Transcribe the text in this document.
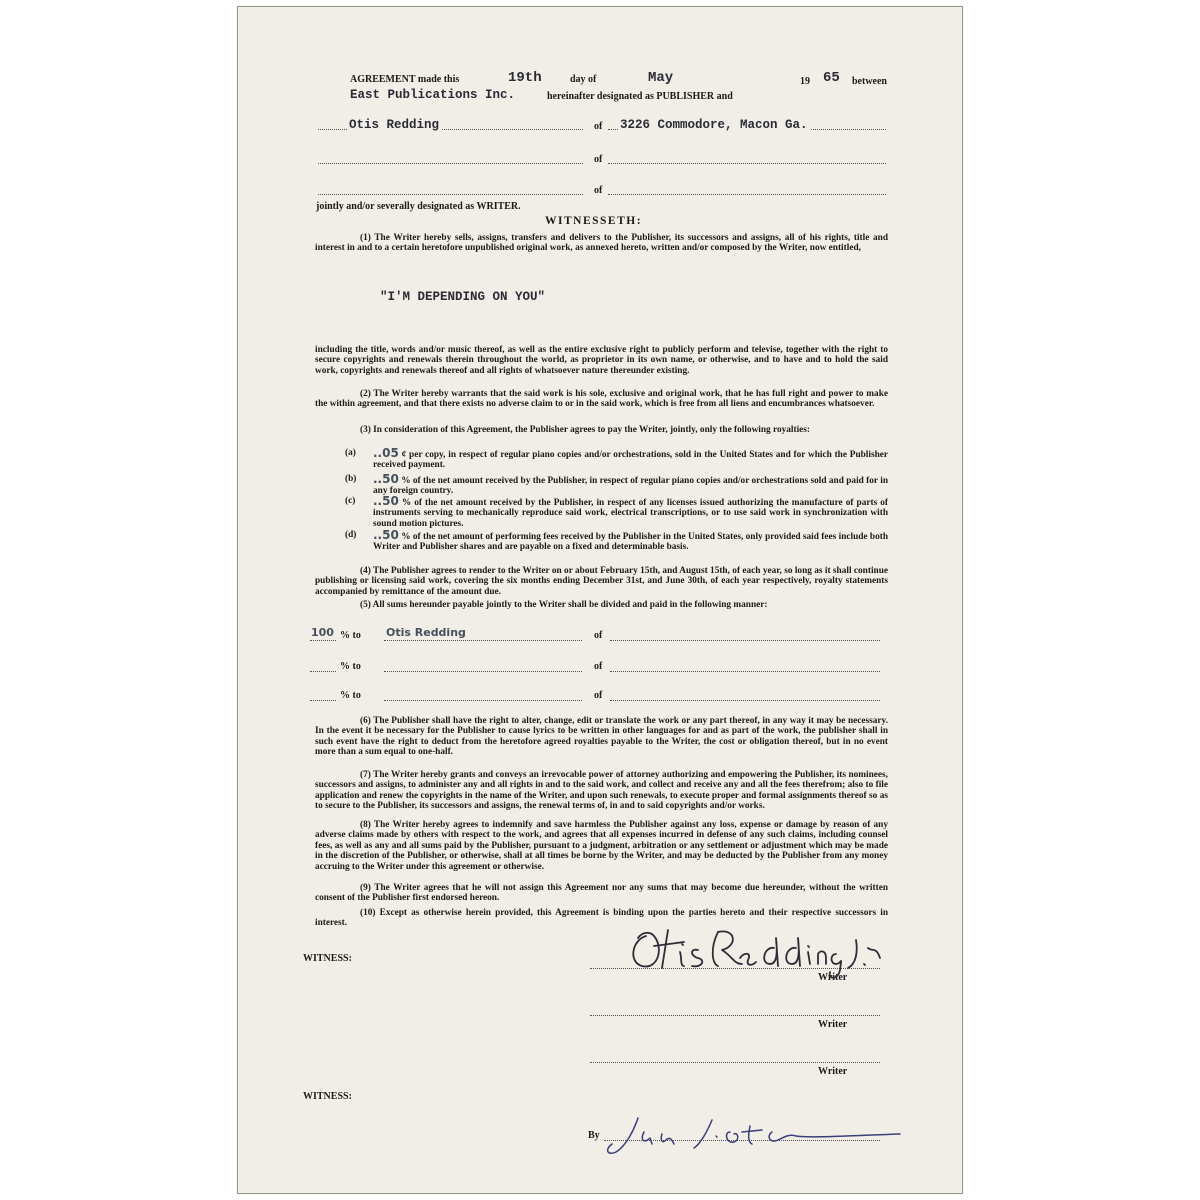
AGREEMENT made this	19th	day of	May	19 65 between
East Publications Inc.	hereinafter designated as PUBLISHER and
Otis Redding	of 3226 Commodore, Macon Ga.
of
of
jointly and/or severally designated as WRITER.
WITNESSETH:

(1) The Writer hereby sells, assigns, transfers and delivers to the Publisher, its successors and assigns, all of his rights, title and interest in and to a certain heretofore unpublished original work, as annexed hereto, written and/or composed by the Writer, now entitled,

"I'M DEPENDING ON YOU"

including the title, words and/or music thereof, as well as the entire exclusive right to publicly perform and televise, together with the right to secure copyrights and renewals therein throughout the world, as proprietor in its own name, or otherwise, and to have and to hold the said work, copyrights and renewals thereof and all rights of whatsoever nature thereunder existing.

(2) The Writer hereby warrants that the said work is his sole, exclusive and original work, that he has full right and power to make the within agreement, and that there exists no adverse claim to or in the said work, which is free from all liens and encumbrances whatsoever.

(3) In consideration of this Agreement, the Publisher agrees to pay the Writer, jointly, only the following royalties:

(a) ..05 ¢ per copy, in respect of regular piano copies and/or orchestrations, sold in the United States and for which the Publisher received payment.
(b) ..50 % of the net amount received by the Publisher, in respect of regular piano copies and/or orchestrations sold and paid for in any foreign country.
(c) ..50 % of the net amount received by the Publisher, in respect of any licenses issued authorizing the manufacture of parts of instruments serving to mechanically reproduce said work, electrical transcriptions, or to use said work in synchronization with sound motion pictures.
(d) ..50 % of the net amount of performing fees received by the Publisher in the United States, only provided said fees include both Writer and Publisher shares and are payable on a fixed and determinable basis.

(4) The Publisher agrees to render to the Writer on or about February 15th, and August 15th, of each year, so long as it shall continue publishing or licensing said work, covering the six months ending December 31st, and June 30th, of each year respectively, royalty statements accompanied by remittance of the amount due.

(5) All sums hereunder payable jointly to the Writer shall be divided and paid in the following manner:

100 % to Otis Redding	of
% to	of
% to	of

(6) The Publisher shall have the right to alter, change, edit or translate the work or any part thereof, in any way it may be necessary. In the event it be necessary for the Publisher to cause lyrics to be written in other languages for and as part of the work, the publisher shall in such event have the right to deduct from the heretofore agreed royalties payable to the Writer, the cost or obligation thereof, but in no event more than a sum equal to one-half.

(7) The Writer hereby grants and conveys an irrevocable power of attorney authorizing and empowering the Publisher, its nominees, successors and assigns, to administer any and all rights in and to the said work, and collect and receive any and all the fees therefrom; also to file application and renew the copyrights in the name of the Writer, and upon such renewals, to execute proper and formal assignments thereof so as to secure to the Publisher, its successors and assigns, the renewal terms of, in and to said copyrights and/or works.

(8) The Writer hereby agrees to indemnify and save harmless the Publisher against any loss, expense or damage by reason of any adverse claims made by others with respect to the work, and agrees that all expenses incurred in defense of any such claims, including counsel fees, as well as any and all sums paid by the Publisher, pursuant to a judgment, arbitration or any settlement or adjustment which may be made in the discretion of the Publisher, or otherwise, shall at all times be borne by the Writer, and may be deducted by the Publisher from any money accruing to the Writer under this agreement or otherwise.

(9) The Writer agrees that he will not assign this Agreement nor any sums that may become due hereunder, without the written consent of the Publisher first endorsed hereon.

(10) Except as otherwise herein provided, this Agreement is binding upon the parties hereto and their respective successors in interest.

WITNESS:
Writer
Writer
Writer
WITNESS:
By
